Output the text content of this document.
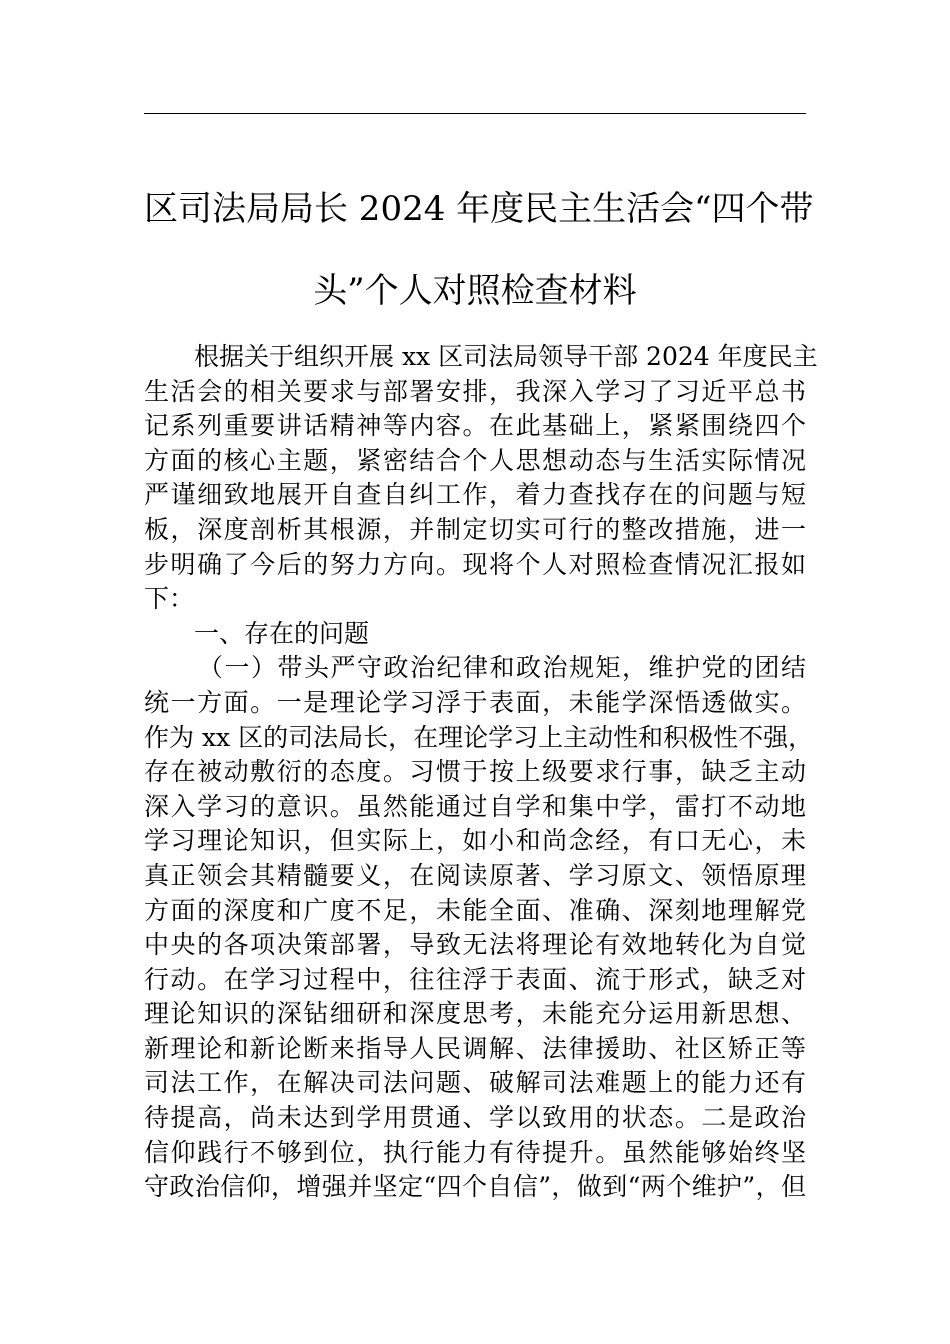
区司法局局长 2024 年度民主生活会“四个带
头”个人对照检查材料
根据关于组织开展 xx 区司法局领导干部 2024 年度民主
生活会的相关要求与部署安排，我深入学习了习近平总书
记系列重要讲话精神等内容。在此基础上，紧紧围绕四个
方面的核心主题，紧密结合个人思想动态与生活实际情况
严谨细致地展开自查自纠工作，着力查找存在的问题与短
板，深度剖析其根源，并制定切实可行的整改措施，进一
步明确了今后的努力方向。现将个人对照检查情况汇报如
下：
一、存在的问题
（一）带头严守政治纪律和政治规矩，维护党的团结
统一方面。一是理论学习浮于表面，未能学深悟透做实。
作为 xx 区的司法局长，在理论学习上主动性和积极性不强，
存在被动敷衍的态度。习惯于按上级要求行事，缺乏主动
深入学习的意识。虽然能通过自学和集中学，雷打不动地
学习理论知识，但实际上，如小和尚念经，有口无心，未
真正领会其精髓要义，在阅读原著、学习原文、领悟原理
方面的深度和广度不足，未能全面、准确、深刻地理解党
中央的各项决策部署，导致无法将理论有效地转化为自觉
行动。在学习过程中，往往浮于表面、流于形式，缺乏对
理论知识的深钻细研和深度思考，未能充分运用新思想、
新理论和新论断来指导人民调解、法律援助、社区矫正等
司法工作，在解决司法问题、破解司法难题上的能力还有
待提高，尚未达到学用贯通、学以致用的状态。二是政治
信仰践行不够到位，执行能力有待提升。虽然能够始终坚
守政治信仰，增强并坚定“四个自信”，做到“两个维护”，但
